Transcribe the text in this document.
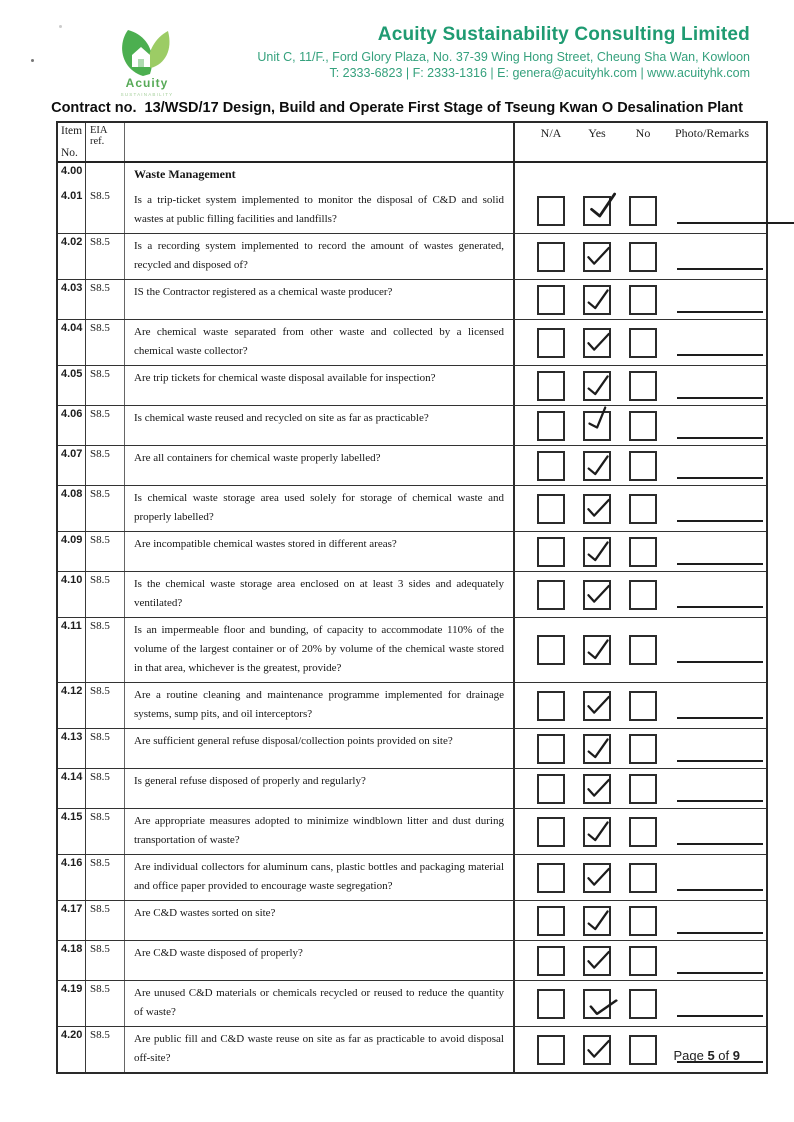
Acuity
SUSTAINABILITY
Acuity Sustainability Consulting Limited
Unit C, 11/F., Ford Glory Plaza, No. 37-39 Wing Hong Street, Cheung Sha Wan, Kowloon
T: 2333-6823 | F: 2333-1316 | E: genera@acuityhk.com | www.acuityhk.com
Contract no.  13/WSD/17 Design, Build and Operate First Stage of Tseung Kwan O Desalination Plant
Item
No.
EIA ref.
N/A	Yes	No	Photo/Remarks
4.00	Waste Management
4.01 S8.5	Is a trip-ticket system implemented to monitor the disposal of C&D and solid wastes at public filling facilities and landfills?
4.02 S8.5	Is a recording system implemented to record the amount of wastes generated, recycled and disposed of?
4.03 S8.5	IS the Contractor registered as a chemical waste producer?
4.04 S8.5	Are chemical waste separated from other waste and collected by a licensed chemical waste collector?
4.05 S8.5	Are trip tickets for chemical waste disposal available for inspection?
4.06 S8.5	Is chemical waste reused and recycled on site as far as practicable?
4.07 S8.5	Are all containers for chemical waste properly labelled?
4.08 S8.5	Is chemical waste storage area used solely for storage of chemical waste and properly labelled?
4.09 S8.5	Are incompatible chemical wastes stored in different areas?
4.10 S8.5	Is the chemical waste storage area enclosed on at least 3 sides and adequately ventilated?
4.11 S8.5	Is an impermeable floor and bunding, of capacity to accommodate 110% of the volume of the largest container or of 20% by volume of the chemical waste stored in that area, whichever is the greatest, provide?
4.12 S8.5	Are a routine cleaning and maintenance programme implemented for drainage systems, sump pits, and oil interceptors?
4.13 S8.5	Are sufficient general refuse disposal/collection points provided on site?
4.14 S8.5	Is general refuse disposed of properly and regularly?
4.15 S8.5	Are appropriate measures adopted to minimize windblown litter and dust during transportation of waste?
4.16 S8.5	Are individual collectors for aluminum cans, plastic bottles and packaging material and office paper provided to encourage waste segregation?
4.17 S8.5	Are C&D wastes sorted on site?
4.18 S8.5	Are C&D waste disposed of properly?
4.19 S8.5	Are unused C&D materials or chemicals recycled or reused to reduce the quantity of waste?
4.20 S8.5	Are public fill and C&D waste reuse on site as far as practicable to avoid disposal off-site?	Page 5 of 9
